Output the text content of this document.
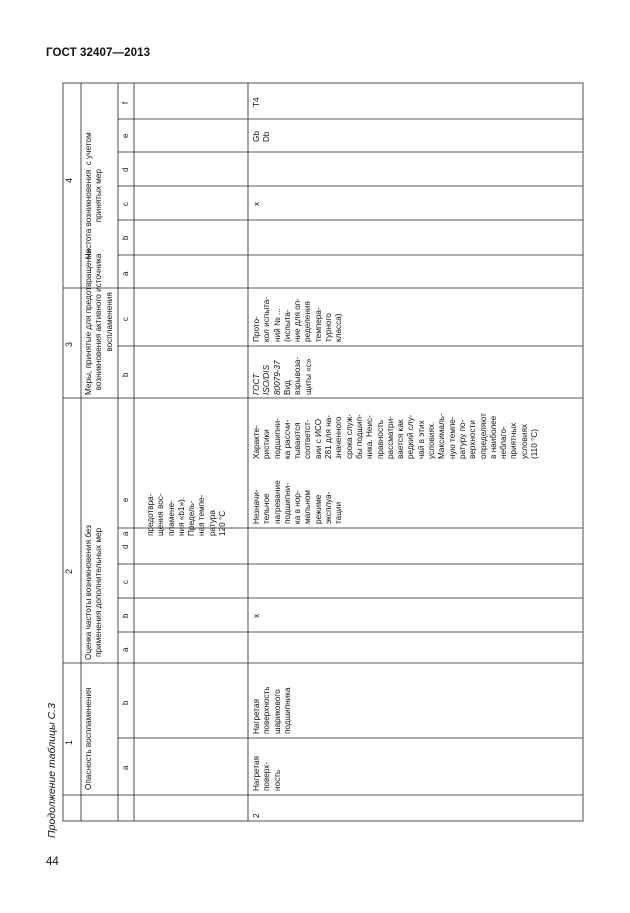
ГОСТ 32407—2013
44
Продолжение таблицы С.3
4
3
2
1
Частота возникновения  с учетом
принятых мер
Меры, принятые для предотвращения
возникновения активного источника
воспламенения
Оценка частоты возникновения без
применения дополнительных мер
Опасность воспламенения
f
e
d
c
b
a
c
b
a
e
d
c
b
a
b
a
предотвра-
щения вос-
пламене-
ния «b1»).
Предель-
ная темпе-
ратура
120 °С
2
Нагретая
поверх-
ность
Нагретая
поверхность
шарикового
подшипника
x
Незначи-
тельное
нагревание
подшипни-
ка в нор-
мальном
режиме
эксплуа-
тации
Характе-
ристики
подшипни-
ка рассчи-
тываются
соответст-
вии с ИСО
281 для на-
значенного
срока служ-
бы подшип-
ника. Неис-
правность
рассматри-
вается как
редкий слу-
чай в этих
условиях.
Максималь-
ную темпе-
ратуру по-
верхности
определяют
в наиболее
неблаго-
приятных
условиях
(110 °С)
ГОСТ
ISO/DIS
80079-37 Вид
взрывоза-
щиты «c»
Прото-
кол испыта-
ний № ...
(испыта-
ние для оп-
ределения
темпера-
турного
класса)
x
Gb
Db
T4
